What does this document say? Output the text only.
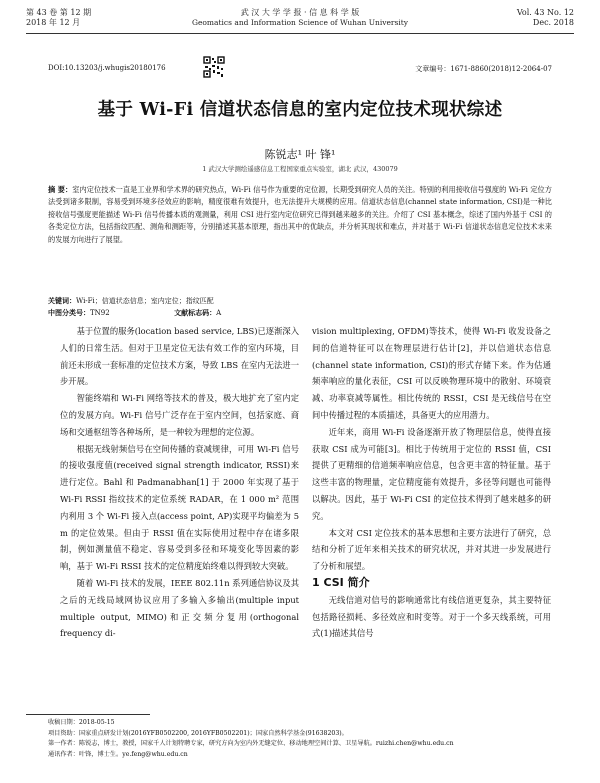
第 43 卷 第 12 期
2018 年 12 月
武 汉 大 学 学 报 · 信 息 科 学 版
Geomatics and Information Science of Wuhan University
Vol. 43 No. 12
Dec. 2018
DOI:10.13203/j.whugis20180176	文章编号：1671-8860(2018)12-2064-07
基于 Wi-Fi 信道状态信息的室内定位技术现状综述
陈锐志¹ 叶 锋¹
1 武汉大学测绘遥感信息工程国家重点实验室，湖北 武汉，430079
摘 要：室内定位技术一直是工业界和学术界的研究热点，Wi-Fi 信号作为重要的定位源，长期受到研究人员的关注。特别的利用接收信号强度的 Wi-Fi 定位方法受到诸多限制，容易受到环境多径效应的影响，精度很难有效提升，也无法提升大规模的应用。信道状态信息(channel state information, CSI)是一种比接收信号强度更能描述 Wi-Fi 信号传播本质的观测量，利用 CSI 进行室内定位研究已得到越来越多的关注。介绍了 CSI 基本概念，综述了国内外基于 CSI 的各类定位方法，包括指纹匹配、测角和测距等，分别描述其基本原理，指出其中的优缺点，并分析其现状和难点，并对基于 Wi-Fi 信道状态信息定位技术未来的发展方向进行了展望。
关键词：Wi-Fi；信道状态信息；室内定位；指纹匹配
中图分类号：TN92	文献标志码：A

基于位置的服务(location based service, LBS)已逐渐深入人们的日常生活。但对于卫星定位无法有效工作的室内环境，目前还未形成一套标准的定位技术方案，导致 LBS 在室内无法进一步开展。

智能终端和 Wi-Fi 网络等技术的普及，极大地扩充了室内定位的发展方向。Wi-Fi 信号广泛存在于室内空间，包括家庭、商场和交通枢纽等各种场所，是一种较为理想的定位源。

根据无线射频信号在空间传播的衰减规律，可用 Wi-Fi 信号的接收强度值(received signal strength indicator, RSSI)来进行定位。Bahl 和 Padmanabhan[1] 于 2000 年实现了基于 Wi-Fi RSSI 指纹技术的定位系统 RADAR，在 1 000 m² 范围内利用 3 个 Wi-Fi 接入点(access point, AP)实现平均偏差为 5 m 的定位效果。但由于 RSSI 值在实际使用过程中存在诸多限制，例如测量值不稳定、容易受到多径和环境变化等因素的影响，基于 Wi-Fi RSSI 技术的定位精度始终难以得到较大突破。

随着 Wi-Fi 技术的发展，IEEE 802.11n 系列通信协议及其之后的无线局域网协议应用了多输入多输出(multiple input multiple output, MIMO)和正交频分复用(orthogonal frequency di-

vision multiplexing, OFDM)等技术，使得 Wi-Fi 收发设备之间的信道特征可以在物理层进行估计[2]，并以信道状态信息(channel state information, CSI)的形式存储下来。作为估通频率响应的量化表征，CSI 可以反映物理环境中的散射、环境衰减、功率衰减等属性。相比传统的 RSSI，CSI 是无线信号在空间中传播过程的本质描述，具备更大的应用潜力。

近年来，商用 Wi-Fi 设备逐渐开放了物理层信息，使得直接获取 CSI 成为可能[3]。相比于传统用于定位的 RSSI 值，CSI 提供了更精细的信道频率响应信息，包含更丰富的特征量。基于这些丰富的物理量，定位精度能有效提升，多径等问题也可能得以解决。因此，基于 Wi-Fi CSI 的定位技术得到了越来越多的研究。

本文对 CSI 定位技术的基本思想和主要方法进行了研究，总结和分析了近年来相关技术的研究状况，并对其进一步发展进行了分析和展望。

1 CSI 简介

无线信道对信号的影响通常比有线信道更复杂，其主要特征包括路径损耗、多径效应和时变等。对于一个多天线系统，可用式(1)描述其信号

收稿日期：2018-05-15
项目资助：国家重点研发计划(2016YFB0502200, 2016YFB0502201)；国家自然科学基金(91638203)。
第一作者：陈锐志，博士，教授，国家千人计划特聘专家，研究方向为室内外无缝定位、移动地理空间计算、卫星导航。ruizhi.chen@whu.edu.cn
通讯作者：叶锋，博士生。ye.feng@whu.edu.cn
